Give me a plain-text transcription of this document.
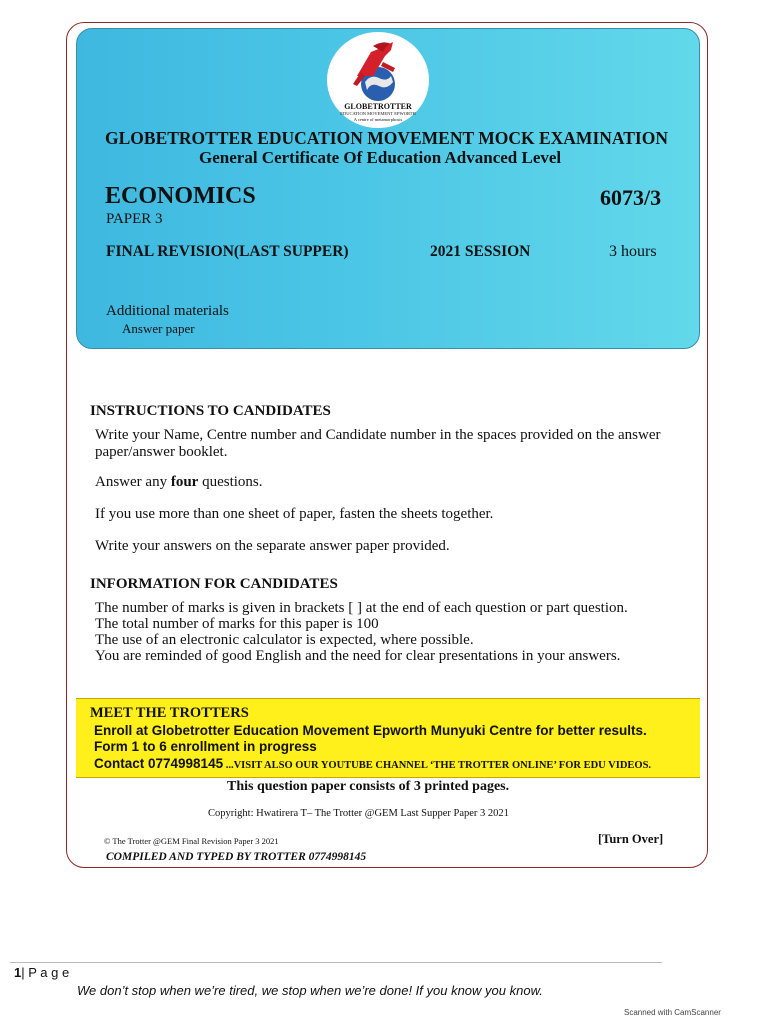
GLOBETROTTER
EDUCATION MOVEMENT EPWORTH
A centre of metamorphosis
GLOBETROTTER EDUCATION MOVEMENT MOCK EXAMINATION
General Certificate Of Education Advanced Level
ECONOMICS	6073/3
PAPER 3
FINAL REVISION(LAST SUPPER)	2021 SESSION	3 hours
Additional materials
Answer paper
INSTRUCTIONS TO CANDIDATES
Write your Name, Centre number and Candidate number in the spaces provided on the answer
paper/answer booklet.
Answer any four questions.
If you use more than one sheet of paper, fasten the sheets together.
Write your answers on the separate answer paper provided.
INFORMATION FOR CANDIDATES
The number of marks is given in brackets [ ] at the end of each question or part question.
The total number of marks for this paper is 100
The use of an electronic calculator is expected, where possible.
You are reminded of good English and the need for clear presentations in your answers.
MEET THE TROTTERS
Enroll at Globetrotter Education Movement Epworth Munyuki Centre for better results.
Form 1 to 6 enrollment in progress
Contact 0774998145 ...VISIT ALSO OUR YOUTUBE CHANNEL ‘THE TROTTER ONLINE’ FOR EDU VIDEOS.
This question paper consists of 3 printed pages.
Copyright: Hwatirera T– The Trotter @GEM Last Supper Paper 3 2021
© The Trotter @GEM Final Revision Paper 3 2021	[Turn Over]
COMPILED AND TYPED BY TROTTER 0774998145
1| P a g e
We don’t stop when we’re tired, we stop when we’re done! If you know you know.
Scanned with CamScanner
